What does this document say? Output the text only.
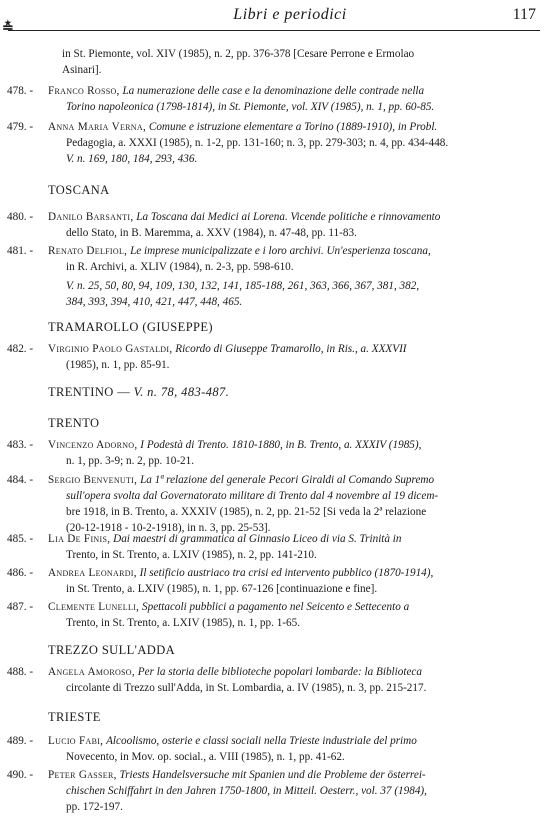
≛
Libri e periodici	117
in St. Piemonte, vol. XIV (1985), n. 2, pp. 376-378 [Cesare Perrone e Ermolao
Asinari].
478. -	Franco Rosso, La numerazione delle case e la denominazione delle contrade nella
Torino napoleonica (1798-1814), in St. Piemonte, vol. XIV (1985), n. 1, pp. 60-85.
479. -	Anna Maria Verna, Comune e istruzione elementare a Torino (1889-1910), in Probl.
Pedagogia, a. XXXI (1985), n. 1-2, pp. 131-160; n. 3, pp. 279-303; n. 4, pp. 434-448.
V. n. 169, 180, 184, 293, 436.
TOSCANA
480. -	Danilo Barsanti, La Toscana dai Medici ai Lorena. Vicende politiche e rinnovamento
dello Stato, in B. Maremma, a. XXV (1984), n. 47-48, pp. 11-83.
481. -	Renato Delfiol, Le imprese municipalizzate e i loro archivi. Un'esperienza toscana,
in R. Archivi, a. XLIV (1984), n. 2-3, pp. 598-610.
V. n. 25, 50, 80, 94, 109, 130, 132, 141, 185-188, 261, 363, 366, 367, 381, 382,
384, 393, 394, 410, 421, 447, 448, 465.
TRAMAROLLO (GIUSEPPE)
482. -	Virginio Paolo Gastaldi, Ricordo di Giuseppe Tramarollo, in Ris., a. XXXVII
(1985), n. 1, pp. 85-91.
TRENTINO — V. n. 78, 483-487.
TRENTO
483. -	Vincenzo Adorno, I Podestà di Trento. 1810-1880, in B. Trento, a. XXXIV (1985),
n. 1, pp. 3-9; n. 2, pp. 10-21.
484. -	Sergio Benvenuti, La 1ª relazione del generale Pecori Giraldi al Comando Supremo
sull'opera svolta dal Governatorato militare di Trento dal 4 novembre al 19 dicem-
bre 1918, in B. Trento, a. XXXIV (1985), n. 2, pp. 21-52 [Si veda la 2ª relazione
(20-12-1918 - 10-2-1918), in n. 3, pp. 25-53].
485. -	Lia De Finis, Dai maestri di grammatica al Ginnasio Liceo di via S. Trinità in
Trento, in St. Trento, a. LXIV (1985), n. 2, pp. 141-210.
486. -	Andrea Leonardi, Il setificio austriaco tra crisi ed intervento pubblico (1870-1914),
in St. Trento, a. LXIV (1985), n. 1, pp. 67-126 [continuazione e fine].
487. -	Clemente Lunelli, Spettacoli pubblici a pagamento nel Seicento e Settecento a
Trento, in St. Trento, a. LXIV (1985), n. 1, pp. 1-65.
TREZZO SULL'ADDA
488. -	Angela Amoroso, Per la storia delle biblioteche popolari lombarde: la Biblioteca
circolante di Trezzo sull'Adda, in St. Lombardia, a. IV (1985), n. 3, pp. 215-217.
TRIESTE
489. -	Lucio Fabi, Alcoolismo, osterie e classi sociali nella Trieste industriale del primo
Novecento, in Mov. op. social., a. VIII (1985), n. 1, pp. 41-62.
490. -	Peter Gasser, Triests Handelsversuche mit Spanien und die Probleme der österrei-
chischen Schiffahrt in den Jahren 1750-1800, in Mitteil. Oesterr., vol. 37 (1984),
pp. 172-197.
